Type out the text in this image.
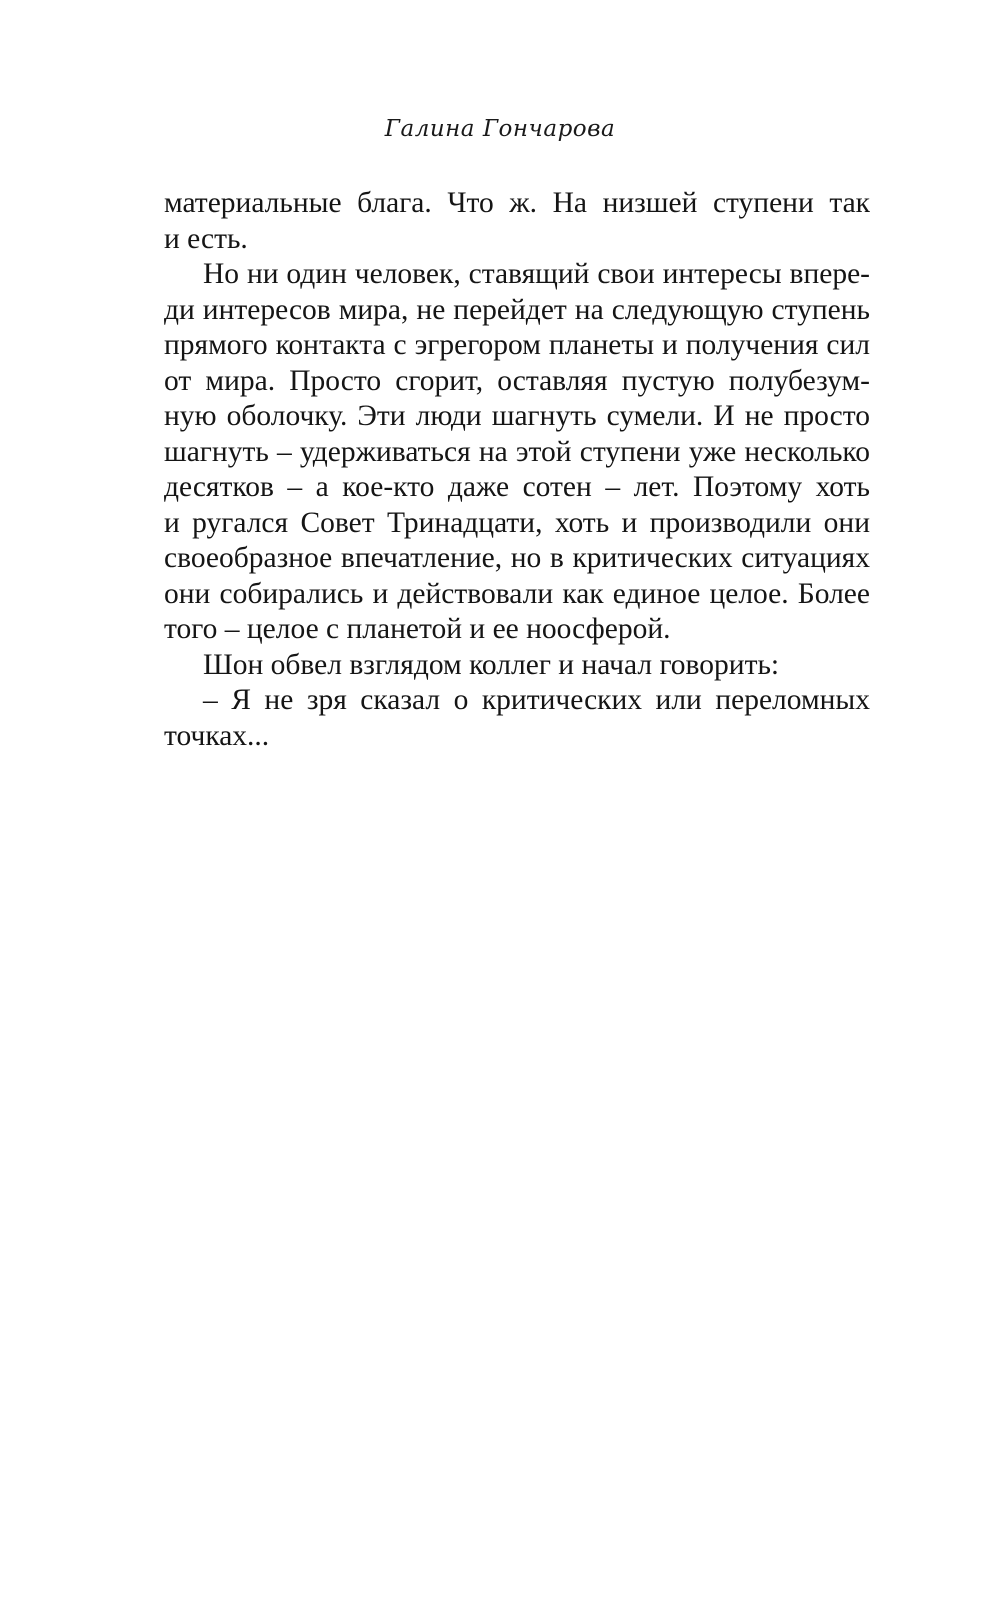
Галина Гончарова
материальные блага. Что ж. На низшей ступени так
и есть.
Но ни один человек, ставящий свои интересы впере-
ди интересов мира, не перейдет на следующую ступень
прямого контакта с эгрегором планеты и получения сил
от мира. Просто сгорит, оставляя пустую полубезум-
ную оболочку. Эти люди шагнуть сумели. И не просто
шагнуть – удерживаться на этой ступени уже несколько
десятков – а кое-кто даже сотен – лет. Поэтому хоть
и ругался Совет Тринадцати, хоть и производили они
своеобразное впечатление, но в критических ситуациях
они собирались и действовали как единое целое. Более
того – целое с планетой и ее ноосферой.
Шон обвел взглядом коллег и начал говорить:
– Я не зря сказал о критических или переломных
точках...
